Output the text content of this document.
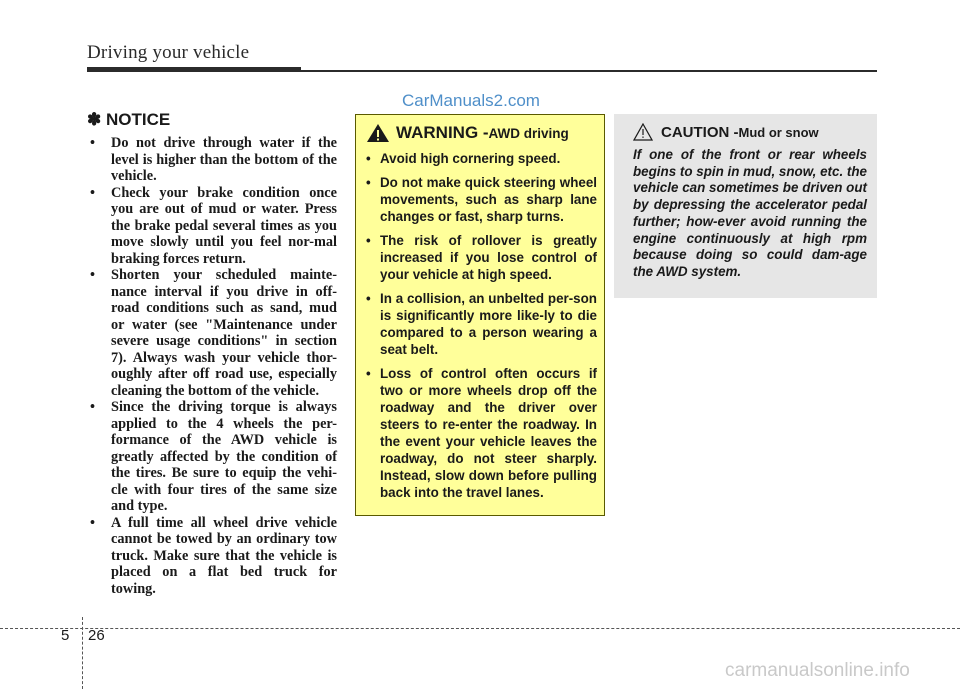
Driving your vehicle
CarManuals2.com
✽ NOTICE
• Do not drive through water if the level is higher than the bottom of the vehicle.
• Check your brake condition once you are out of mud or water. Press the brake pedal several times as you move slowly until you feel nor-mal braking forces return.
• Shorten your scheduled mainte-nance interval if you drive in off-road conditions such as sand, mud or water (see "Maintenance under severe usage conditions" in section 7). Always wash your vehicle thor-oughly after off road use, especially cleaning the bottom of the vehicle.
• Since the driving torque is always applied to the 4 wheels the per-formance of the AWD vehicle is greatly affected by the condition of the tires. Be sure to equip the vehi-cle with four tires of the same size and type.
• A full time all wheel drive vehicle cannot be towed by an ordinary tow truck. Make sure that the vehicle is placed on a flat bed truck for towing.
WARNING - AWD driving
• Avoid high cornering speed.
• Do not make quick steering wheel movements, such as sharp lane changes or fast, sharp turns.
• The risk of rollover is greatly increased if you lose control of your vehicle at high speed.
• In a collision, an unbelted per-son is significantly more like-ly to die compared to a person wearing a seat belt.
• Loss of control often occurs if two or more wheels drop off the roadway and the driver over steers to re-enter the roadway. In the event your vehicle leaves the roadway, do not steer sharply. Instead, slow down before pulling back into the travel lanes.
CAUTION - Mud or snow
If one of the front or rear wheels begins to spin in mud, snow, etc. the vehicle can sometimes be driven out by depressing the accelerator pedal further; how-ever avoid running the engine continuously at high rpm because doing so could dam-age the AWD system.
5 26
carmanualsonline.info
